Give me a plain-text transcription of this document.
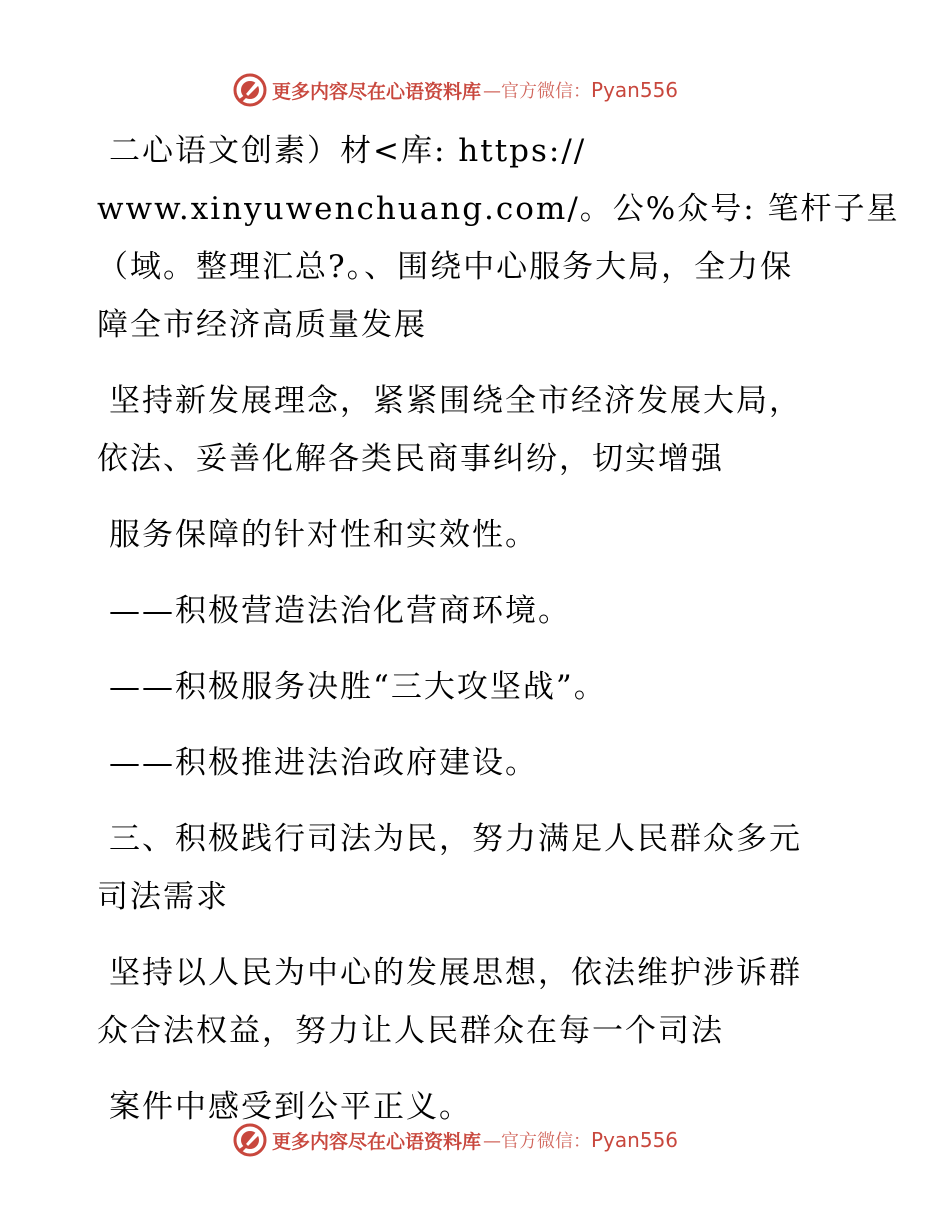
更多内容尽在心语资料库 —官方微信： Pyan556
二心语文创素）材<库: https://
www.xinyuwenchuang.com/。公%众号: 笔杆子星
（域。整理汇总?。、围绕中心服务大局，全力保
障全市经济高质量发展
坚持新发展理念，紧紧围绕全市经济发展大局，
依法、妥善化解各类民商事纠纷，切实增强
服务保障的针对性和实效性。
——积极营造法治化营商环境。
——积极服务决胜“三大攻坚战”。
——积极推进法治政府建设。
三、积极践行司法为民，努力满足人民群众多元
司法需求
坚持以人民为中心的发展思想，依法维护涉诉群
众合法权益，努力让人民群众在每一个司法
案件中感受到公平正义。
更多内容尽在心语资料库 —官方微信： Pyan556
